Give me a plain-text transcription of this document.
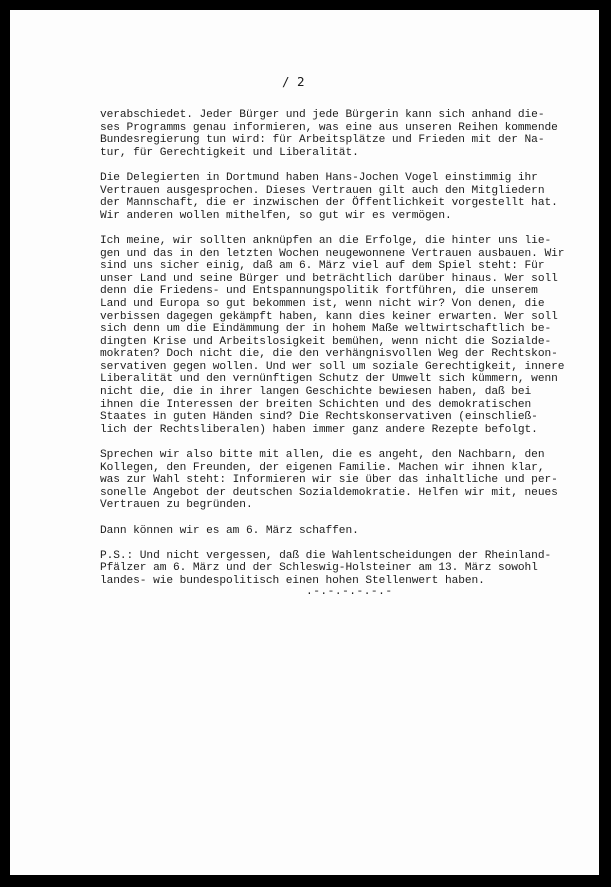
/ 2

verabschiedet. Jeder Bürger und jede Bürgerin kann sich anhand die-
ses Programms genau informieren, was eine aus unseren Reihen kommende
Bundesregierung tun wird: für Arbeitsplätze und Frieden mit der Na-
tur, für Gerechtigkeit und Liberalität.
Die Delegierten in Dortmund haben Hans-Jochen Vogel einstimmig ihr
Vertrauen ausgesprochen. Dieses Vertrauen gilt auch den Mitgliedern
der Mannschaft, die er inzwischen der Öffentlichkeit vorgestellt hat.
Wir anderen wollen mithelfen, so gut wir es vermögen.
Ich meine, wir sollten anknüpfen an die Erfolge, die hinter uns lie-
gen und das in den letzten Wochen neugewonnene Vertrauen ausbauen. Wir
sind uns sicher einig, daß am 6. März viel auf dem Spiel steht: Für
unser Land und seine Bürger und beträchtlich darüber hinaus. Wer soll
denn die Friedens- und Entspannungspolitik fortführen, die unserem
Land und Europa so gut bekommen ist, wenn nicht wir? Von denen, die
verbissen dagegen gekämpft haben, kann dies keiner erwarten. Wer soll
sich denn um die Eindämmung der in hohem Maße weltwirtschaftlich be-
dingten Krise und Arbeitslosigkeit bemühen, wenn nicht die Sozialde-
mokraten? Doch nicht die, die den verhängnisvollen Weg der Rechtskon-
servativen gegen wollen. Und wer soll um soziale Gerechtigkeit, innere
Liberalität und den vernünftigen Schutz der Umwelt sich kümmern, wenn
nicht die, die in ihrer langen Geschichte bewiesen haben, daß bei
ihnen die Interessen der breiten Schichten und des demokratischen
Staates in guten Händen sind? Die Rechtskonservativen (einschließ-
lich der Rechtsliberalen) haben immer ganz andere Rezepte befolgt.
Sprechen wir also bitte mit allen, die es angeht, den Nachbarn, den
Kollegen, den Freunden, der eigenen Familie. Machen wir ihnen klar,
was zur Wahl steht: Informieren wir sie über das inhaltliche und per-
sonelle Angebot der deutschen Sozialdemokratie. Helfen wir mit, neues
Vertrauen zu begründen.
Dann können wir es am 6. März schaffen.
P.S.: Und nicht vergessen, daß die Wahlentscheidungen der Rheinland-
Pfälzer am 6. März und der Schleswig-Holsteiner am 13. März sowohl
landes- wie bundespolitisch einen hohen Stellenwert haben.
.-.-.-.-.-.-
